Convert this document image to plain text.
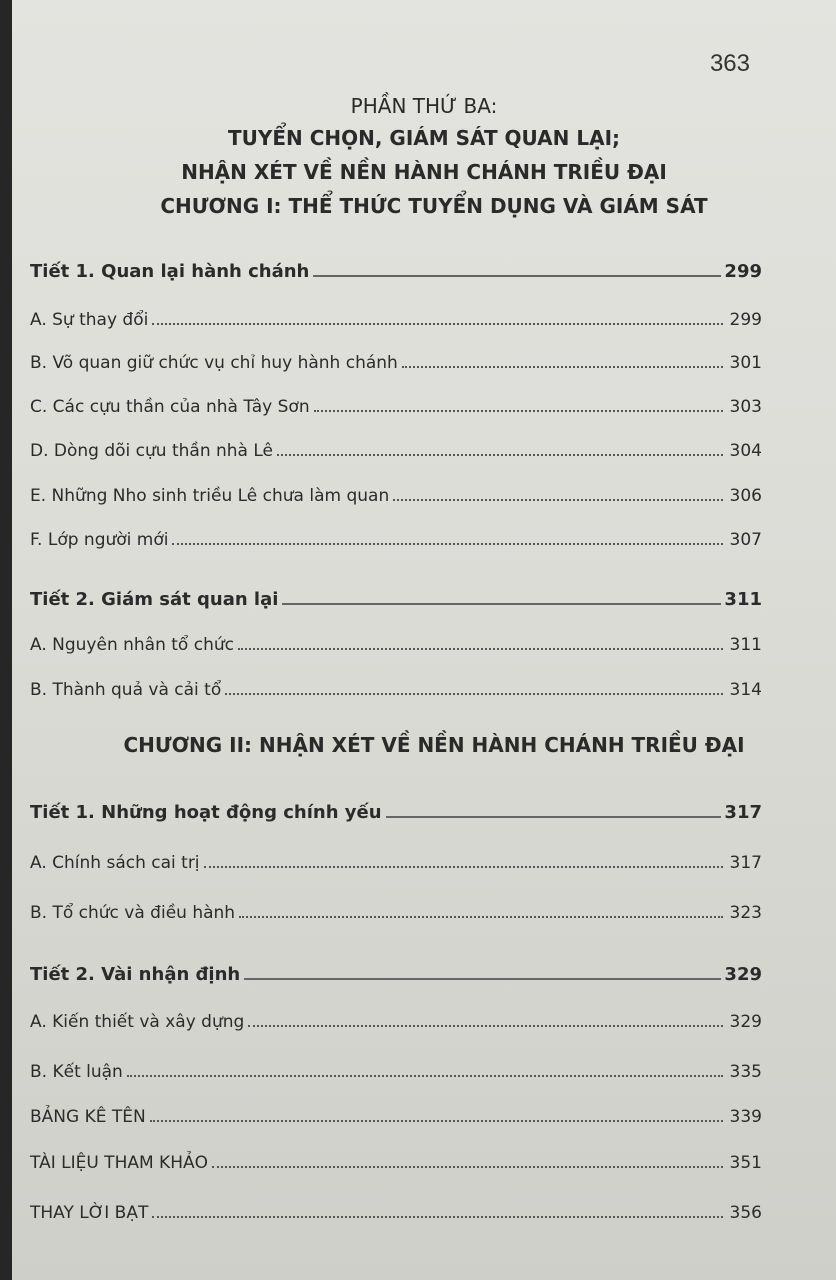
363
PHẦN THỨ BA:
TUYỂN CHỌN, GIÁM SÁT QUAN LẠI;
NHẬN XÉT VỀ NỀN HÀNH CHÁNH TRIỀU ĐẠI
CHƯƠNG I: THỂ THỨC TUYỂN DỤNG VÀ GIÁM SÁT
Tiết 1. Quan lại hành chánh	299
A. Sự thay đổi	299
B. Võ quan giữ chức vụ chỉ huy hành chánh	301
C. Các cựu thần của nhà Tây Sơn	303
D. Dòng dõi cựu thần nhà Lê	304
E. Những Nho sinh triều Lê chưa làm quan	306
F. Lớp người mới	307
Tiết 2. Giám sát quan lại	311
A. Nguyên nhân tổ chức	311
B. Thành quả và cải tổ	314
CHƯƠNG II: NHẬN XÉT VỀ NỀN HÀNH CHÁNH TRIỀU ĐẠI
Tiết 1. Những hoạt động chính yếu	317
A. Chính sách cai trị	317
B. Tổ chức và điều hành	323
Tiết 2. Vài nhận định	329
A. Kiến thiết và xây dựng	329
B. Kết luận	335
BẢNG KÊ TÊN	339
TÀI LIỆU THAM KHẢO	351
THAY LỜI BẠT	356
